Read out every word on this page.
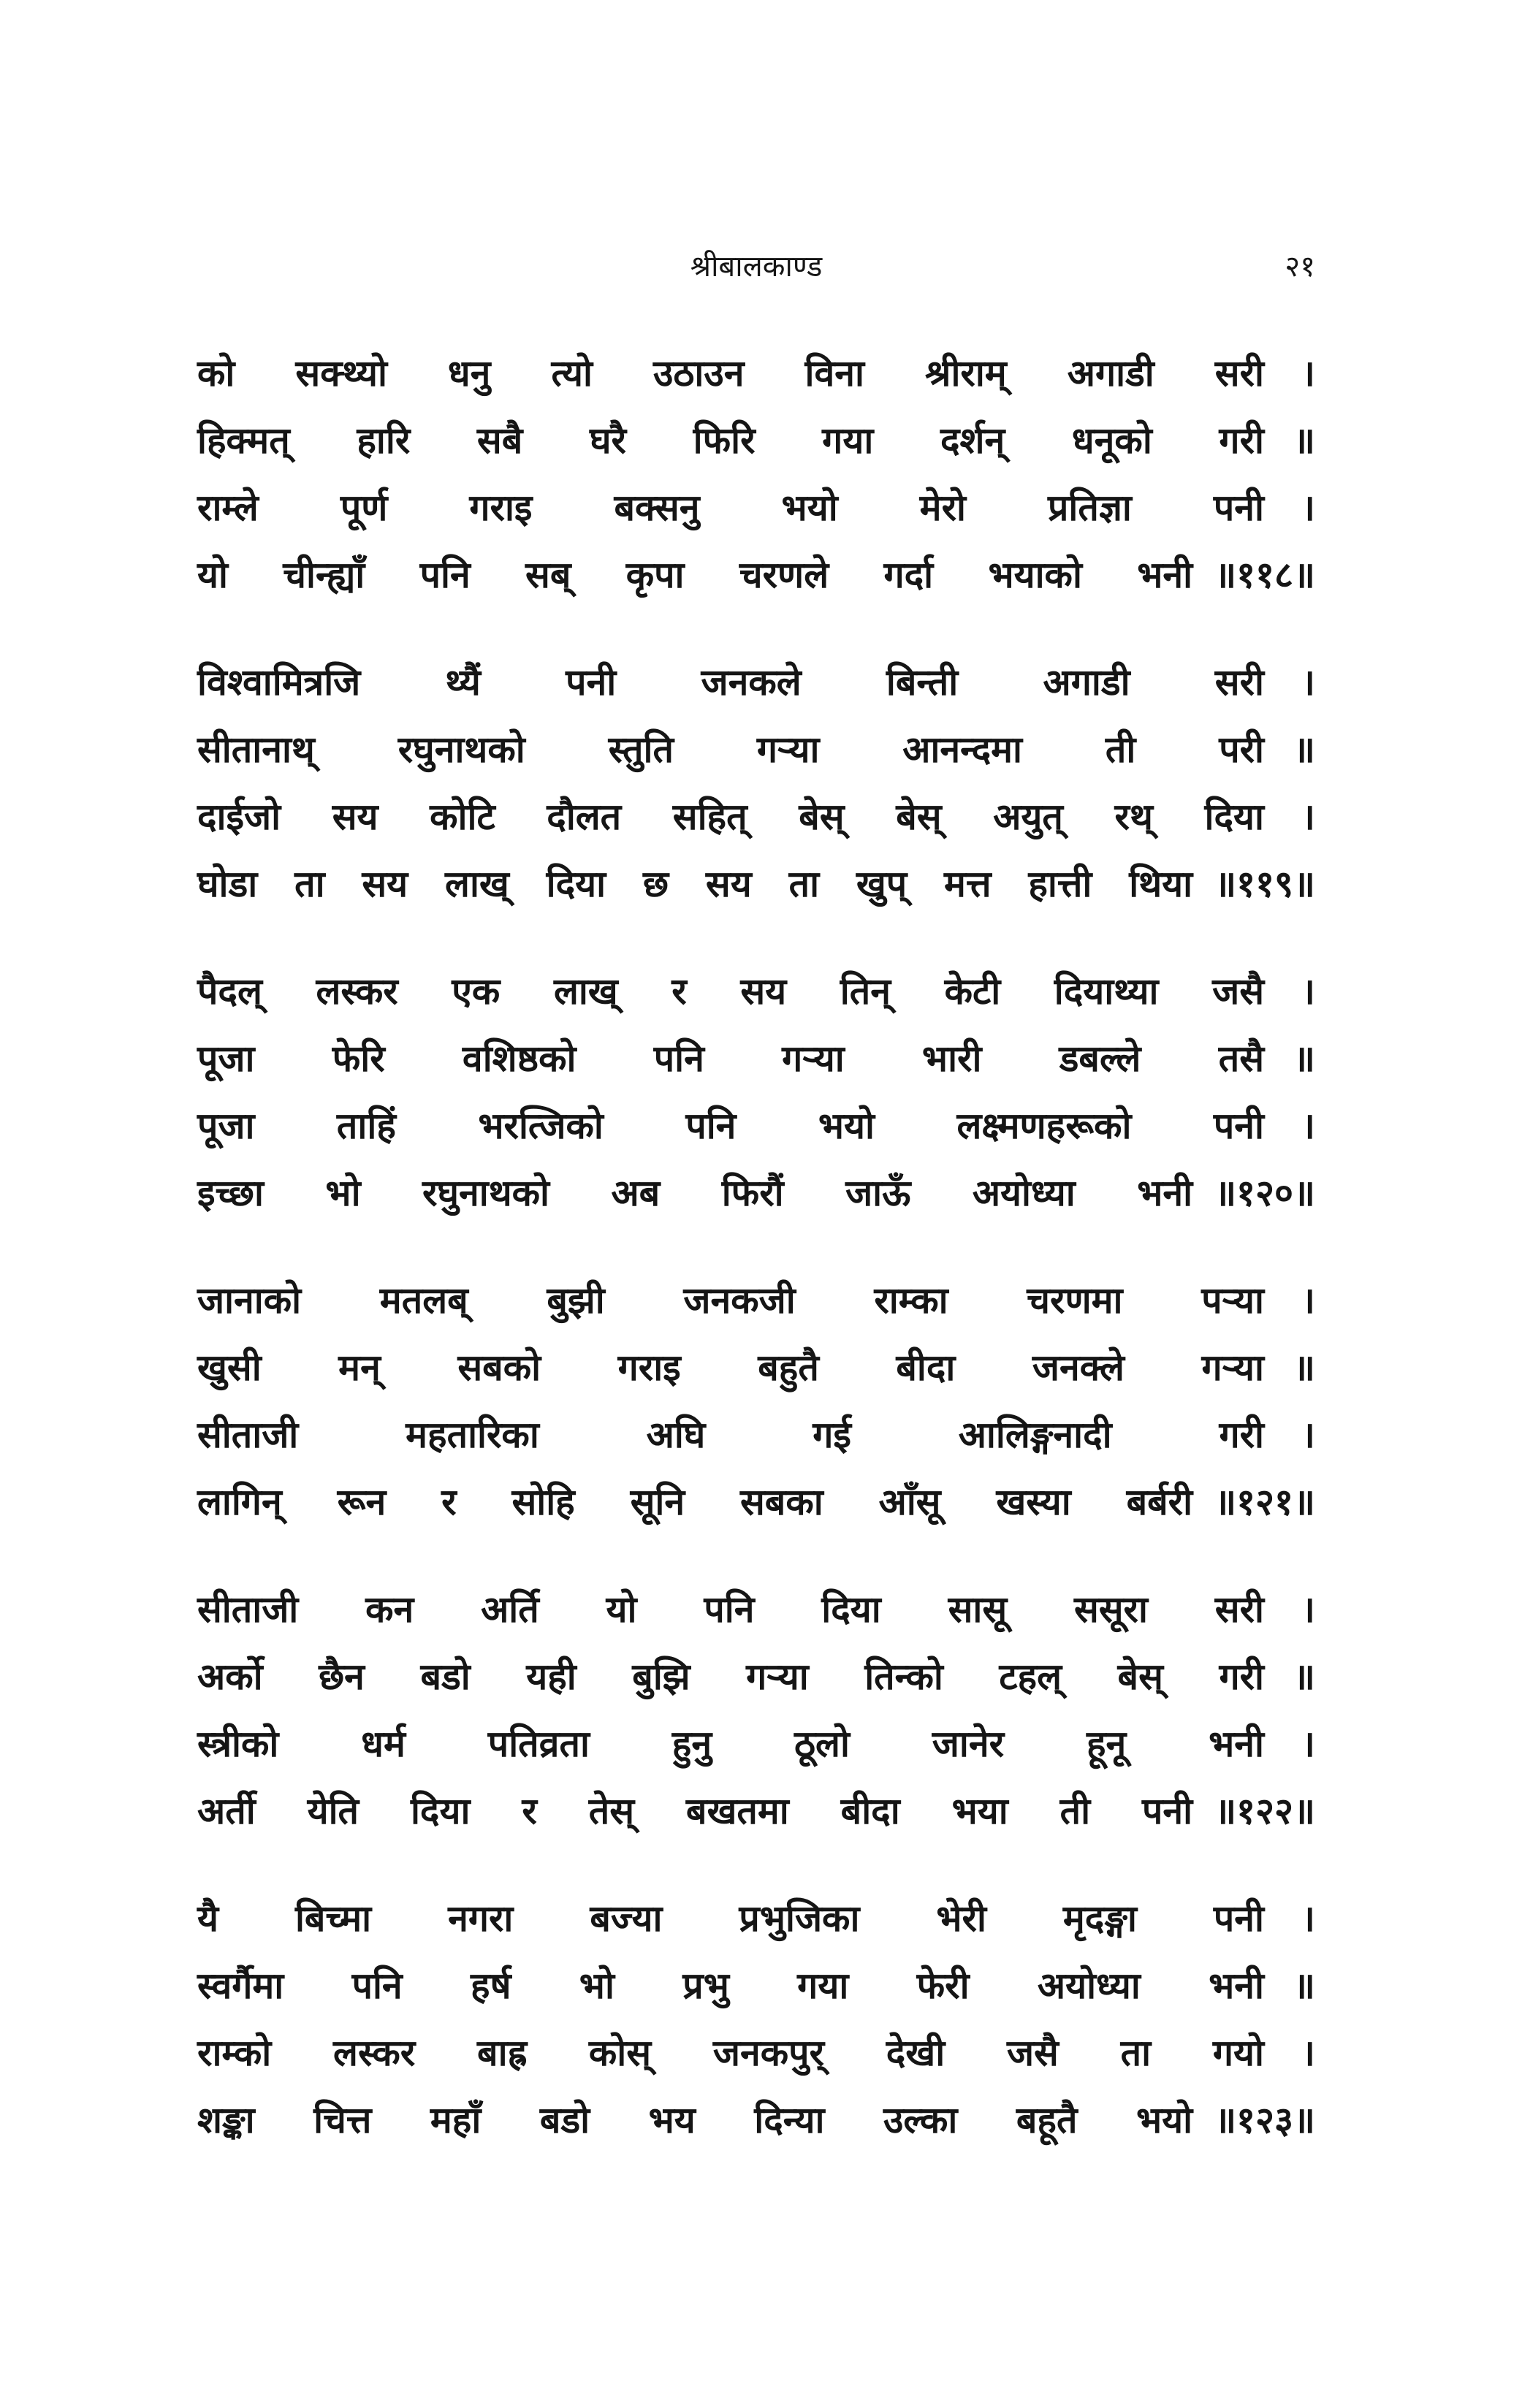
श्रीबालकाण्ड	२१
को सक्थ्यो धनु त्यो उठाउन विना श्रीराम् अगाडी सरी	।
हिक्मत् हारि सबै घरै फिरि गया दर्शन् धनूको गरी ॥
राम्ले पूर्ण गराइ बक्सनु भयो मेरो प्रतिज्ञा पनी	।
यो चीन्ह्याँ पनि सब् कृपा चरणले गर्दा भयाको भनी ॥११८॥
विश्वामित्रजि थ्यैं पनी जनकले बिन्ती अगाडी सरी	।
सीतानाथ् रघुनाथको स्तुति गऱ्या आनन्दमा ती परी ॥
दाईजो सय कोटि दौलत सहित् बेस् बेस् अयुत् रथ् दिया	।
घोडा ता सय लाख् दिया छ सय ता खुप् मत्त हात्ती थिया ॥११९॥
पैदल् लस्कर एक लाख् र सय तिन् केटी दियाथ्या जसै	।
पूजा फेरि वशिष्ठको पनि गऱ्या भारी डबल्ले तसै ॥
पूजा ताहिं भरत्जिको पनि भयो लक्ष्मणहरूको पनी	।
इच्छा भो रघुनाथको अब फिरौं जाऊँ अयोध्या भनी ॥१२०॥
जानाको मतलब् बुझी जनकजी राम्का चरणमा पऱ्या	।
खुसी मन् सबको गराइ बहुतै बीदा जनक्ले गऱ्या ॥
सीताजी महतारिका अघि गई आलिङ्गनादी गरी	।
लागिन् रून र सोहि सूनि सबका आँसू खस्या बर्बरी ॥१२१॥
सीताजी कन अर्ति यो पनि दिया सासू ससूरा सरी	।
अर्को छैन बडो यही बुझि गऱ्या तिन्को टहल् बेस् गरी ॥
स्त्रीको धर्म पतिव्रता हुनु ठूलो जानेर हूनू भनी	।
अर्ती येति दिया र तेस् बखतमा बीदा भया ती पनी ॥१२२॥
यै बिच्मा नगरा बज्या प्रभुजिका भेरी मृदङ्गा पनी	।
स्वर्गैमा पनि हर्ष भो प्रभु गया फेरी अयोध्या भनी ॥
राम्को लस्कर बाह्र कोस् जनकपुर् देखी जसै ता गयो	।
शङ्का चित्त महाँ बडो भय दिन्या उल्का बहूतै भयो ॥१२३॥
